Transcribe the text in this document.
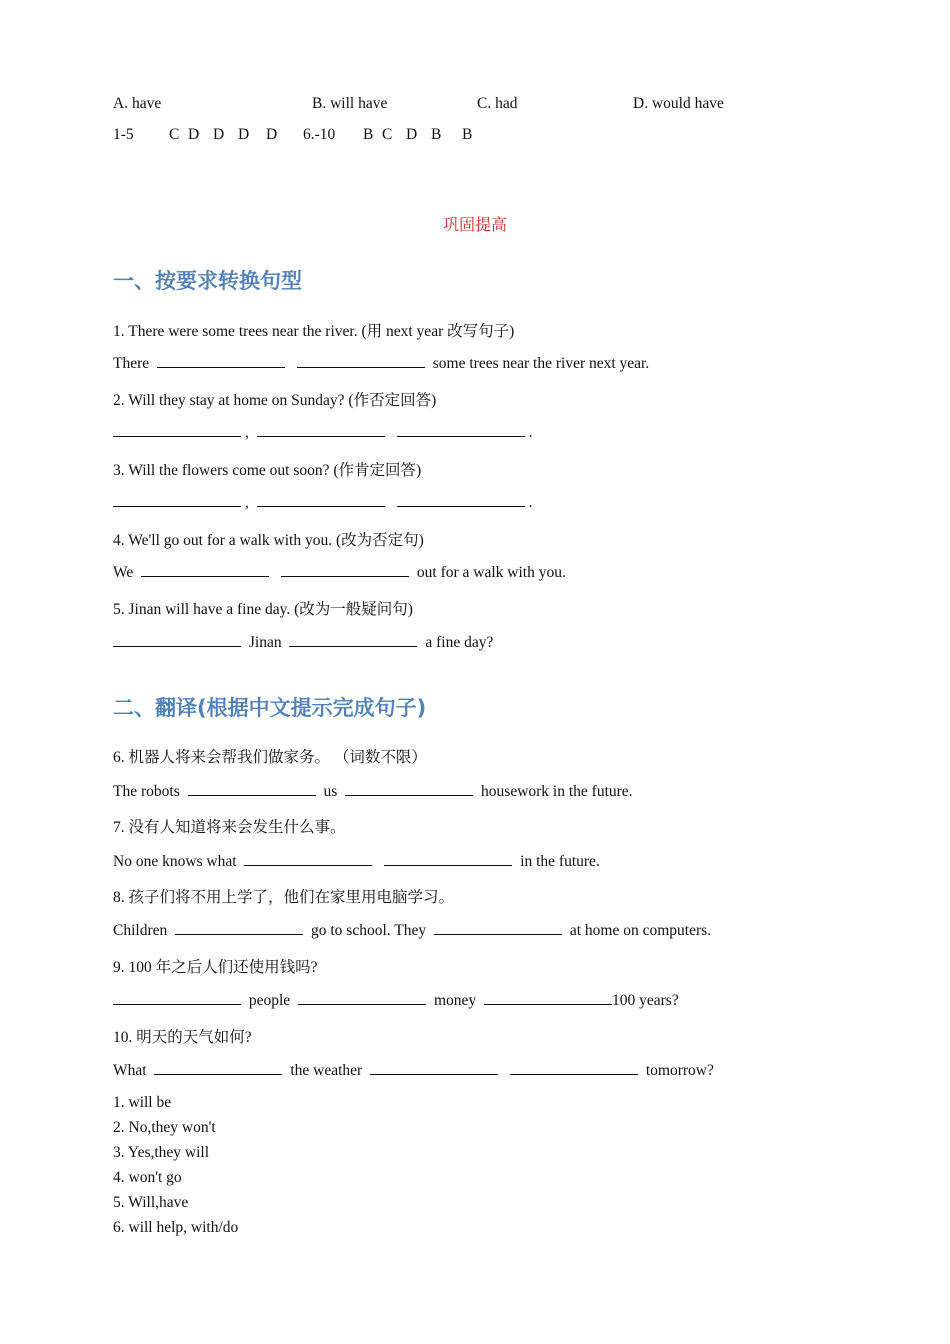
A. have	B. will have	C. had	D. would have
1-5 C D D D D 6.-10 B C D B B
巩固提高
一、按要求转换句型
1. There were some trees near the river. (用 next year 改写句子)
There	some trees near the river next year.
2. Will they stay at home on Sunday? (作否定回答)
,	.
3. Will the flowers come out soon? (作肯定回答)
,	.
4. We'll go out for a walk with you. (改为否定句)
We	out for a walk with you.
5. Jinan will have a fine day. (改为一般疑问句)
Jinan	a fine day?
二、翻译(根据中文提示完成句子)
6. 机器人将来会帮我们做家务。 （词数不限）
The robots	us	housework in the future.
7. 没有人知道将来会发生什么事。
No one knows what	in the future.
8. 孩子们将不用上学了，他们在家里用电脑学习。
Children	go to school. They	at home on computers.
9. 100 年之后人们还使用钱吗?
people	money	100 years?
10. 明天的天气如何?
What	the weather	tomorrow?
1. will be
2. No,they won't
3. Yes,they will
4. won't go
5. Will,have
6. will help, with/do
